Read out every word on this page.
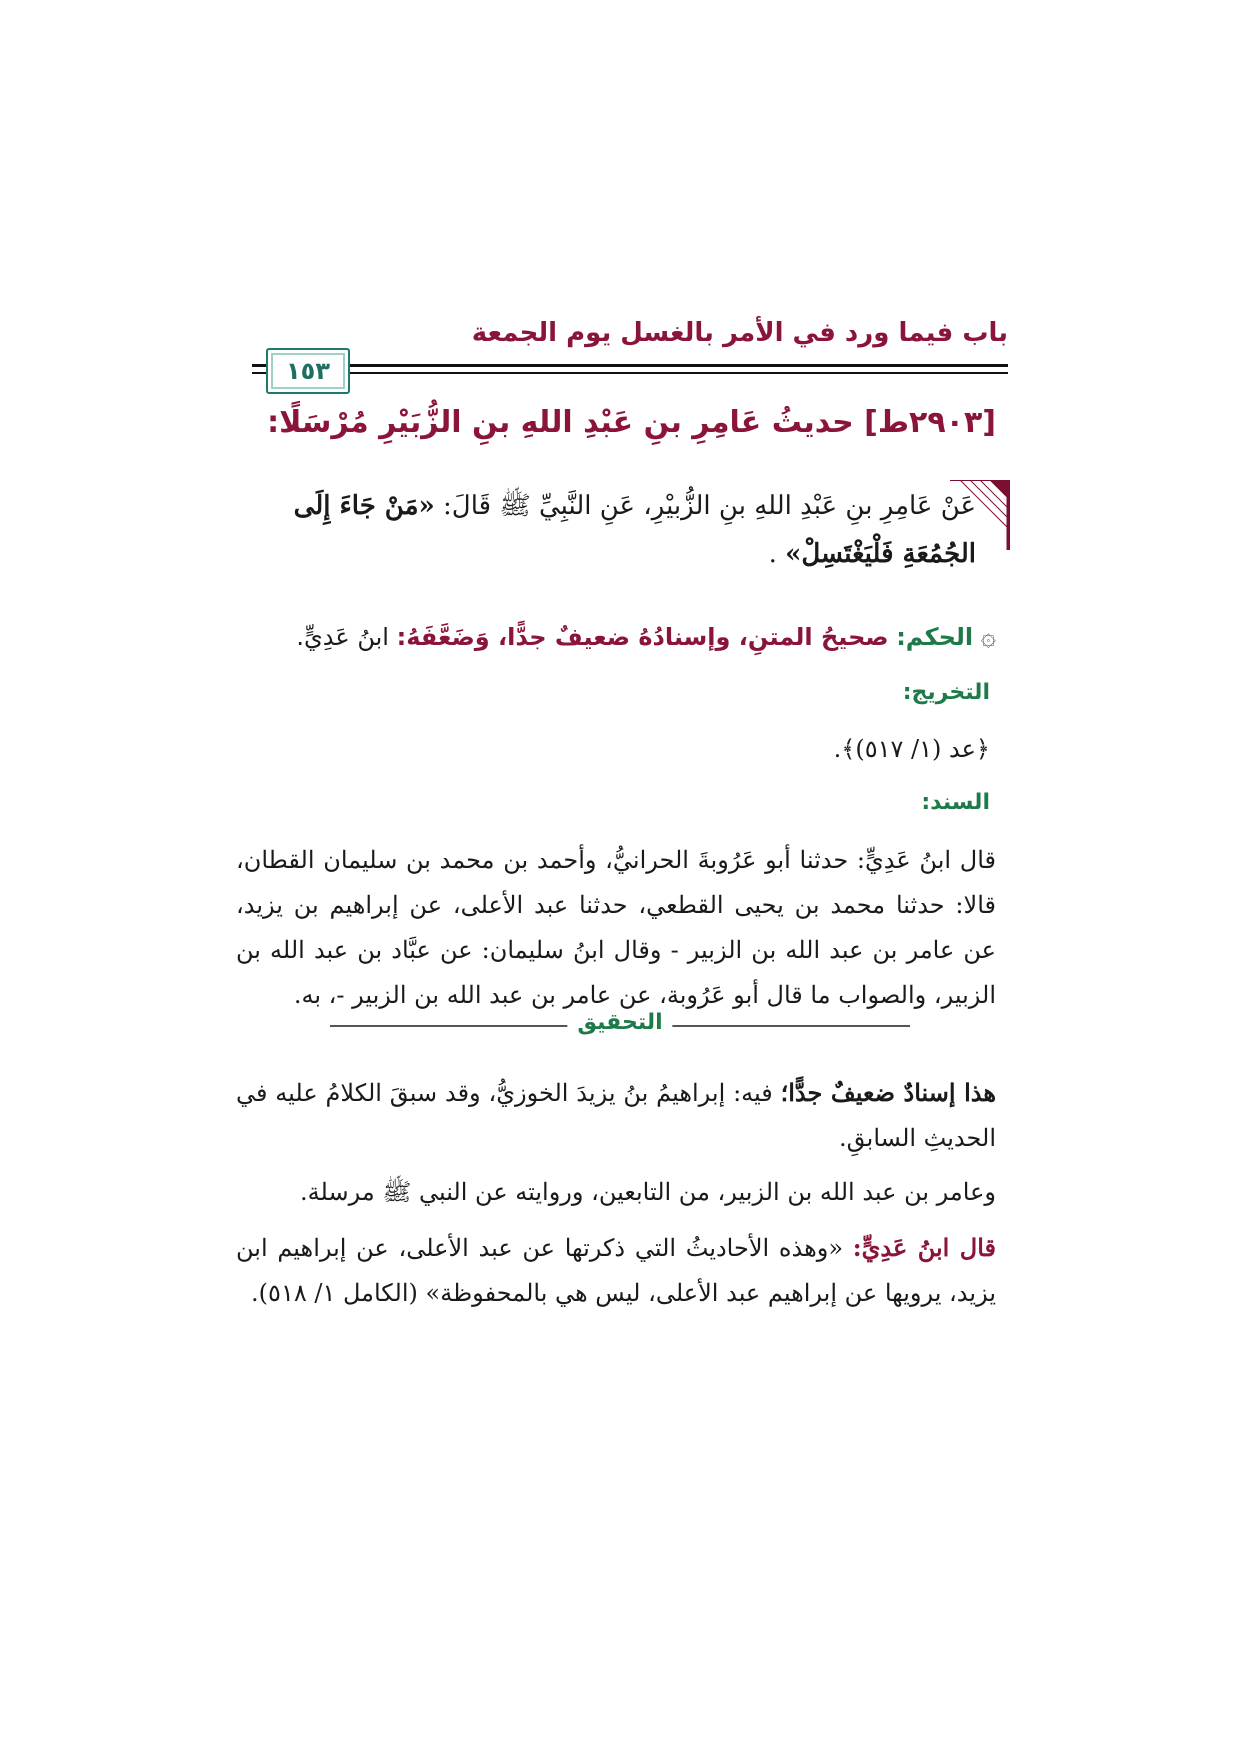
باب فيما ورد في الأمر بالغسل يوم الجمعة
١٥٣
[٢٩٠٣ط] حديثُ عَامِرِ بنِ عَبْدِ اللهِ بنِ الزُّبَيْرِ مُرْسَلًا:
عَنْ عَامِرِ بنِ عَبْدِ اللهِ بنِ الزُّبيْرِ، عَنِ النَّبِيِّ ﷺ قَالَ: «مَنْ جَاءَ إِلَى الجُمُعَةِ فَلْيَغْتَسِلْ» .
۞ الحكم: صحيحُ المتنِ، وإسنادُهُ ضعيفٌ جدًّا، وَضَعَّفَهُ: ابنُ عَدِيٍّ.
التخريج:
﴿عد (١/ ٥١٧)﴾.
السند:
قال ابنُ عَدِيٍّ: حدثنا أبو عَرُوبةَ الحرانيُّ، وأحمد بن محمد بن سليمان القطان، قالا: حدثنا محمد بن يحيى القطعي، حدثنا عبد الأعلى، عن إبراهيم بن يزيد، عن عامر بن عبد الله بن الزبير - وقال ابنُ سليمان: عن عبَّاد بن عبد الله بن الزبير، والصواب ما قال أبو عَرُوبة، عن عامر بن عبد الله بن الزبير -، به.
التحقيق
هذا إسنادٌ ضعيفٌ جدًّا؛ فيه: إبراهيمُ بنُ يزيدَ الخوزيُّ، وقد سبقَ الكلامُ عليه في الحديثِ السابقِ.
وعامر بن عبد الله بن الزبير، من التابعين، وروايته عن النبي ﷺ مرسلة.
قال ابنُ عَدِيٍّ: «وهذه الأحاديثُ التي ذكرتها عن عبد الأعلى، عن إبراهيم ابن يزيد، يرويها عن إبراهيم عبد الأعلى، ليس هي بالمحفوظة» (الكامل ١/ ٥١٨).
